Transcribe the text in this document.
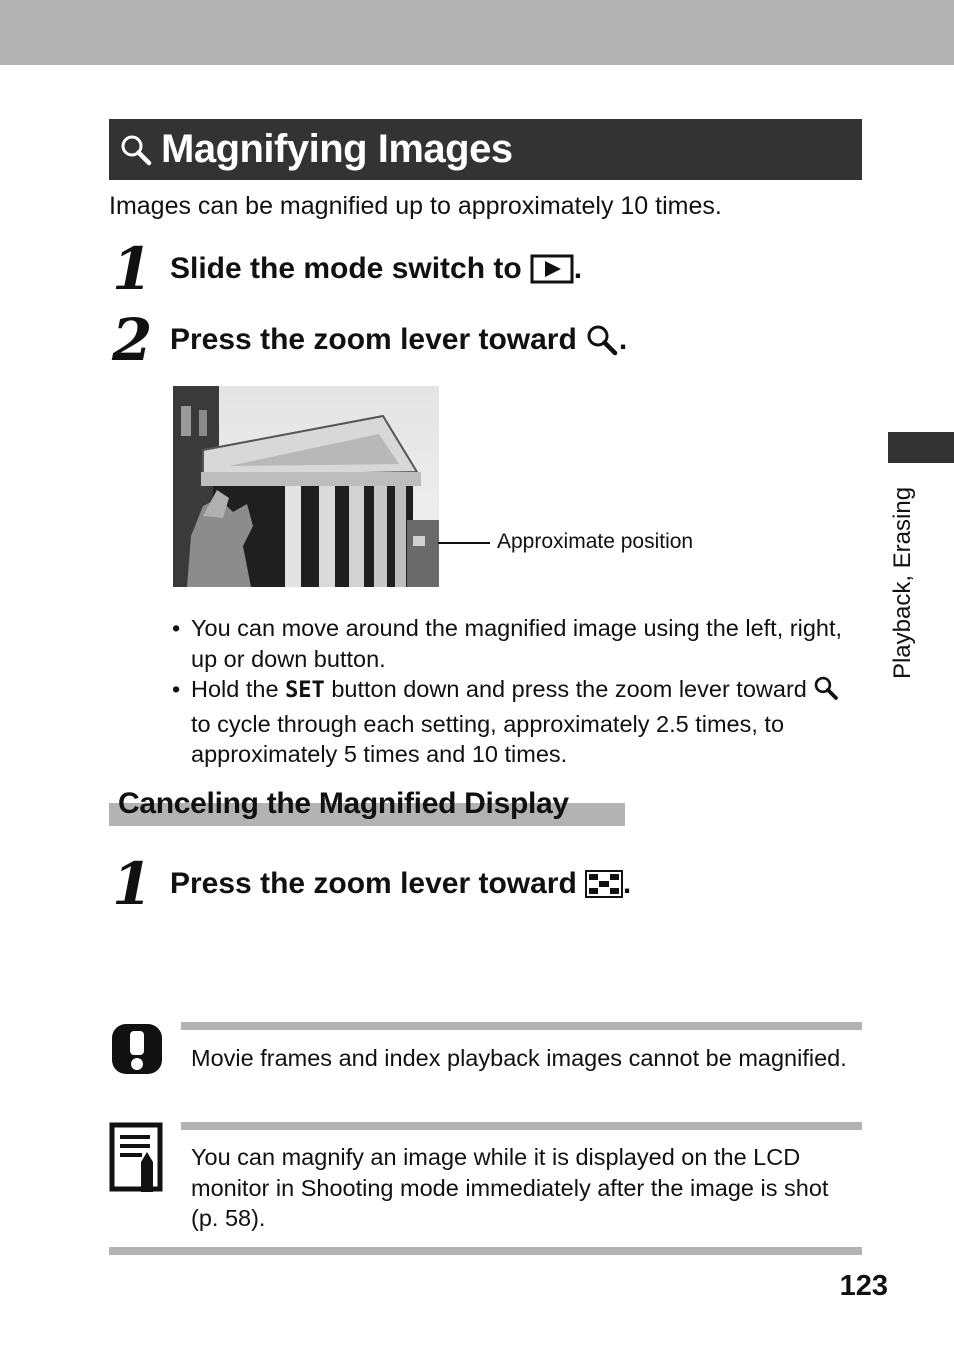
Magnifying Images
Images can be magnified up to approximately 10 times.
1 Slide the mode switch to .
2 Press the zoom lever toward .
Approximate position
• You can move around the magnified image using the left, right, up or down button.
• Hold the SET button down and press the zoom lever toward  to cycle through each setting, approximately 2.5 times, to approximately 5 times and 10 times.
Canceling the Magnified Display
1 Press the zoom lever toward .
Movie frames and index playback images cannot be magnified.
You can magnify an image while it is displayed on the LCD monitor in Shooting mode immediately after the image is shot (p. 58).
Playback, Erasing
123
